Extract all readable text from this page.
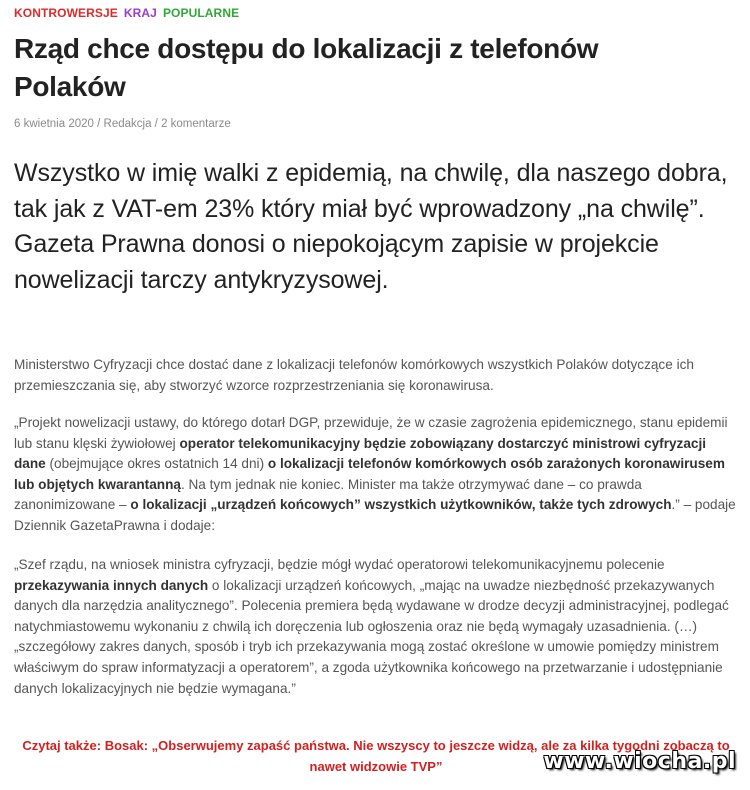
KONTROWERSJE KRAJ POPULARNE
Rząd chce dostępu do lokalizacji z telefonów Polaków
6 kwietnia 2020 / Redakcja / 2 komentarze

Wszystko w imię walki z epidemią, na chwilę, dla naszego dobra, tak jak z VAT-em 23% który miał być wprowadzony „na chwilę”. Gazeta Prawna donosi o niepokojącym zapisie w projekcie nowelizacji tarczy antykryzysowej.

Ministerstwo Cyfryzacji chce dostać dane z lokalizacji telefonów komórkowych wszystkich Polaków dotyczące ich przemieszczania się, aby stworzyć wzorce rozprzestrzeniania się koronawirusa.

„Projekt nowelizacji ustawy, do którego dotarł DGP, przewiduje, że w czasie zagrożenia epidemicznego, stanu epidemii lub stanu klęski żywiołowej operator telekomunikacyjny będzie zobowiązany dostarczyć ministrowi cyfryzacji dane (obejmujące okres ostatnich 14 dni) o lokalizacji telefonów komórkowych osób zarażonych koronawirusem lub objętych kwarantanną. Na tym jednak nie koniec. Minister ma także otrzymywać dane – co prawda zanonimizowane – o lokalizacji „urządzeń końcowych” wszystkich użytkowników, także tych zdrowych.” – podaje Dziennik GazetaPrawna i dodaje:

„Szef rządu, na wniosek ministra cyfryzacji, będzie mógł wydać operatorowi telekomunikacyjnemu polecenie przekazywania innych danych o lokalizacji urządzeń końcowych, „mając na uwadze niezbędność przekazywanych danych dla narzędzia analitycznego”. Polecenia premiera będą wydawane w drodze decyzji administracyjnej, podlegać natychmiastowemu wykonaniu z chwilą ich doręczenia lub ogłoszenia oraz nie będą wymagały uzasadnienia. (…) „szczegółowy zakres danych, sposób i tryb ich przekazywania mogą zostać określone w umowie pomiędzy ministrem właściwym do spraw informatyzacji a operatorem”, a zgoda użytkownika końcowego na przetwarzanie i udostępnianie danych lokalizacyjnych nie będzie wymagana.”

Czytaj także: Bosak: „Obserwujemy zapaść państwa. Nie wszyscy to jeszcze widzą, ale za kilka tygodni zobaczą to nawet widzowie TVP”	www.wiocha.pl
